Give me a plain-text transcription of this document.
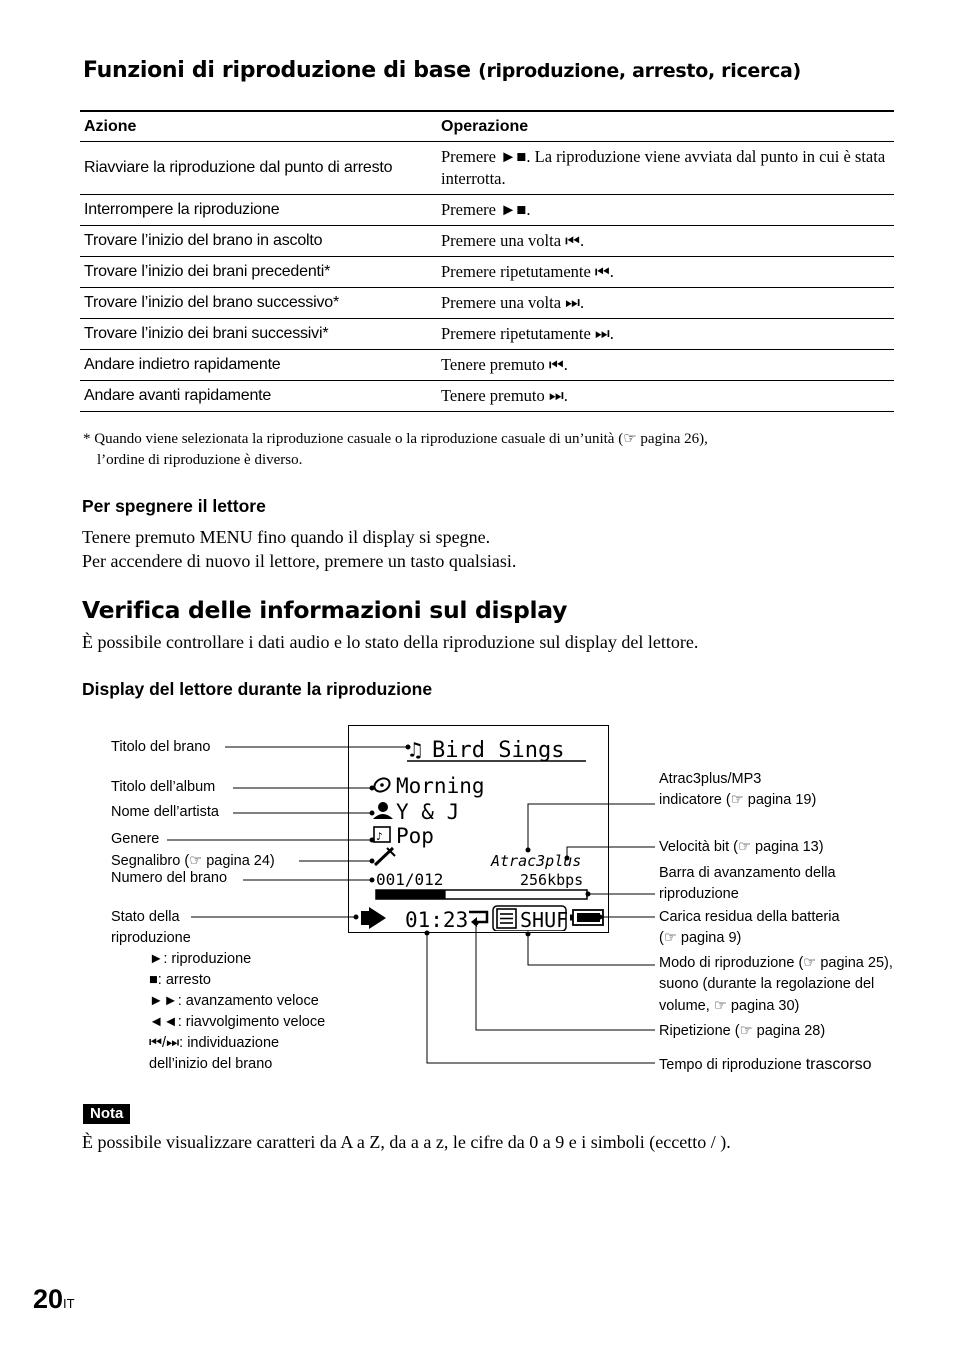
Funzioni di riproduzione di base (riproduzione, arresto, ricerca)
Azione	Operazione
Riavviare la riproduzione dal punto di arresto	Premere ►■. La riproduzione viene avviata dal punto in cui è stata interrotta.
Interrompere la riproduzione	Premere ►■.
Trovare l’inizio del brano in ascolto	Premere una volta ⏮.
Trovare l’inizio dei brani precedenti*	Premere ripetutamente ⏮.
Trovare l’inizio del brano successivo*	Premere una volta ⏭.
Trovare l’inizio dei brani successivi*	Premere ripetutamente ⏭.
Andare indietro rapidamente	Tenere premuto ⏮.
Andare avanti rapidamente	Tenere premuto ⏭.
* Quando viene selezionata la riproduzione casuale o la riproduzione casuale di un’unità (☞ pagina 26),
l’ordine di riproduzione è diverso.
Per spegnere il lettore
Tenere premuto MENU fino quando il display si spegne.
Per accendere di nuovo il lettore, premere un tasto qualsiasi.
Verifica delle informazioni sul display
È possibile controllare i dati audio e lo stato della riproduzione sul display del lettore.
Display del lettore durante la riproduzione
♫ Bird Sings
Morning
Y & J
♪ Pop
Atrac3plus
001/012	256kbps
01:23	SHUF
Titolo del brano
Titolo dell’album
Nome dell’artista
Genere
Segnalibro (☞ pagina 24)
Numero del brano
Stato della
riproduzione
►: riproduzione
■: arresto
►►: avanzamento veloce
◄◄: riavvolgimento veloce
⏮/⏭: individuazione
dell’inizio del brano
Atrac3plus/MP3
indicatore (☞ pagina 19)
Velocità bit (☞ pagina 13)
Barra di avanzamento della
riproduzione
Carica residua della batteria
(☞ pagina 9)
Modo di riproduzione (☞ pagina 25),
suono (durante la regolazione del
volume, ☞ pagina 30)
Ripetizione (☞ pagina 28)
Tempo di riproduzione trascorso
Nota
È possibile visualizzare caratteri da A a Z, da a a z, le cifre da 0 a 9 e i simboli (eccetto / ).
20 IT
